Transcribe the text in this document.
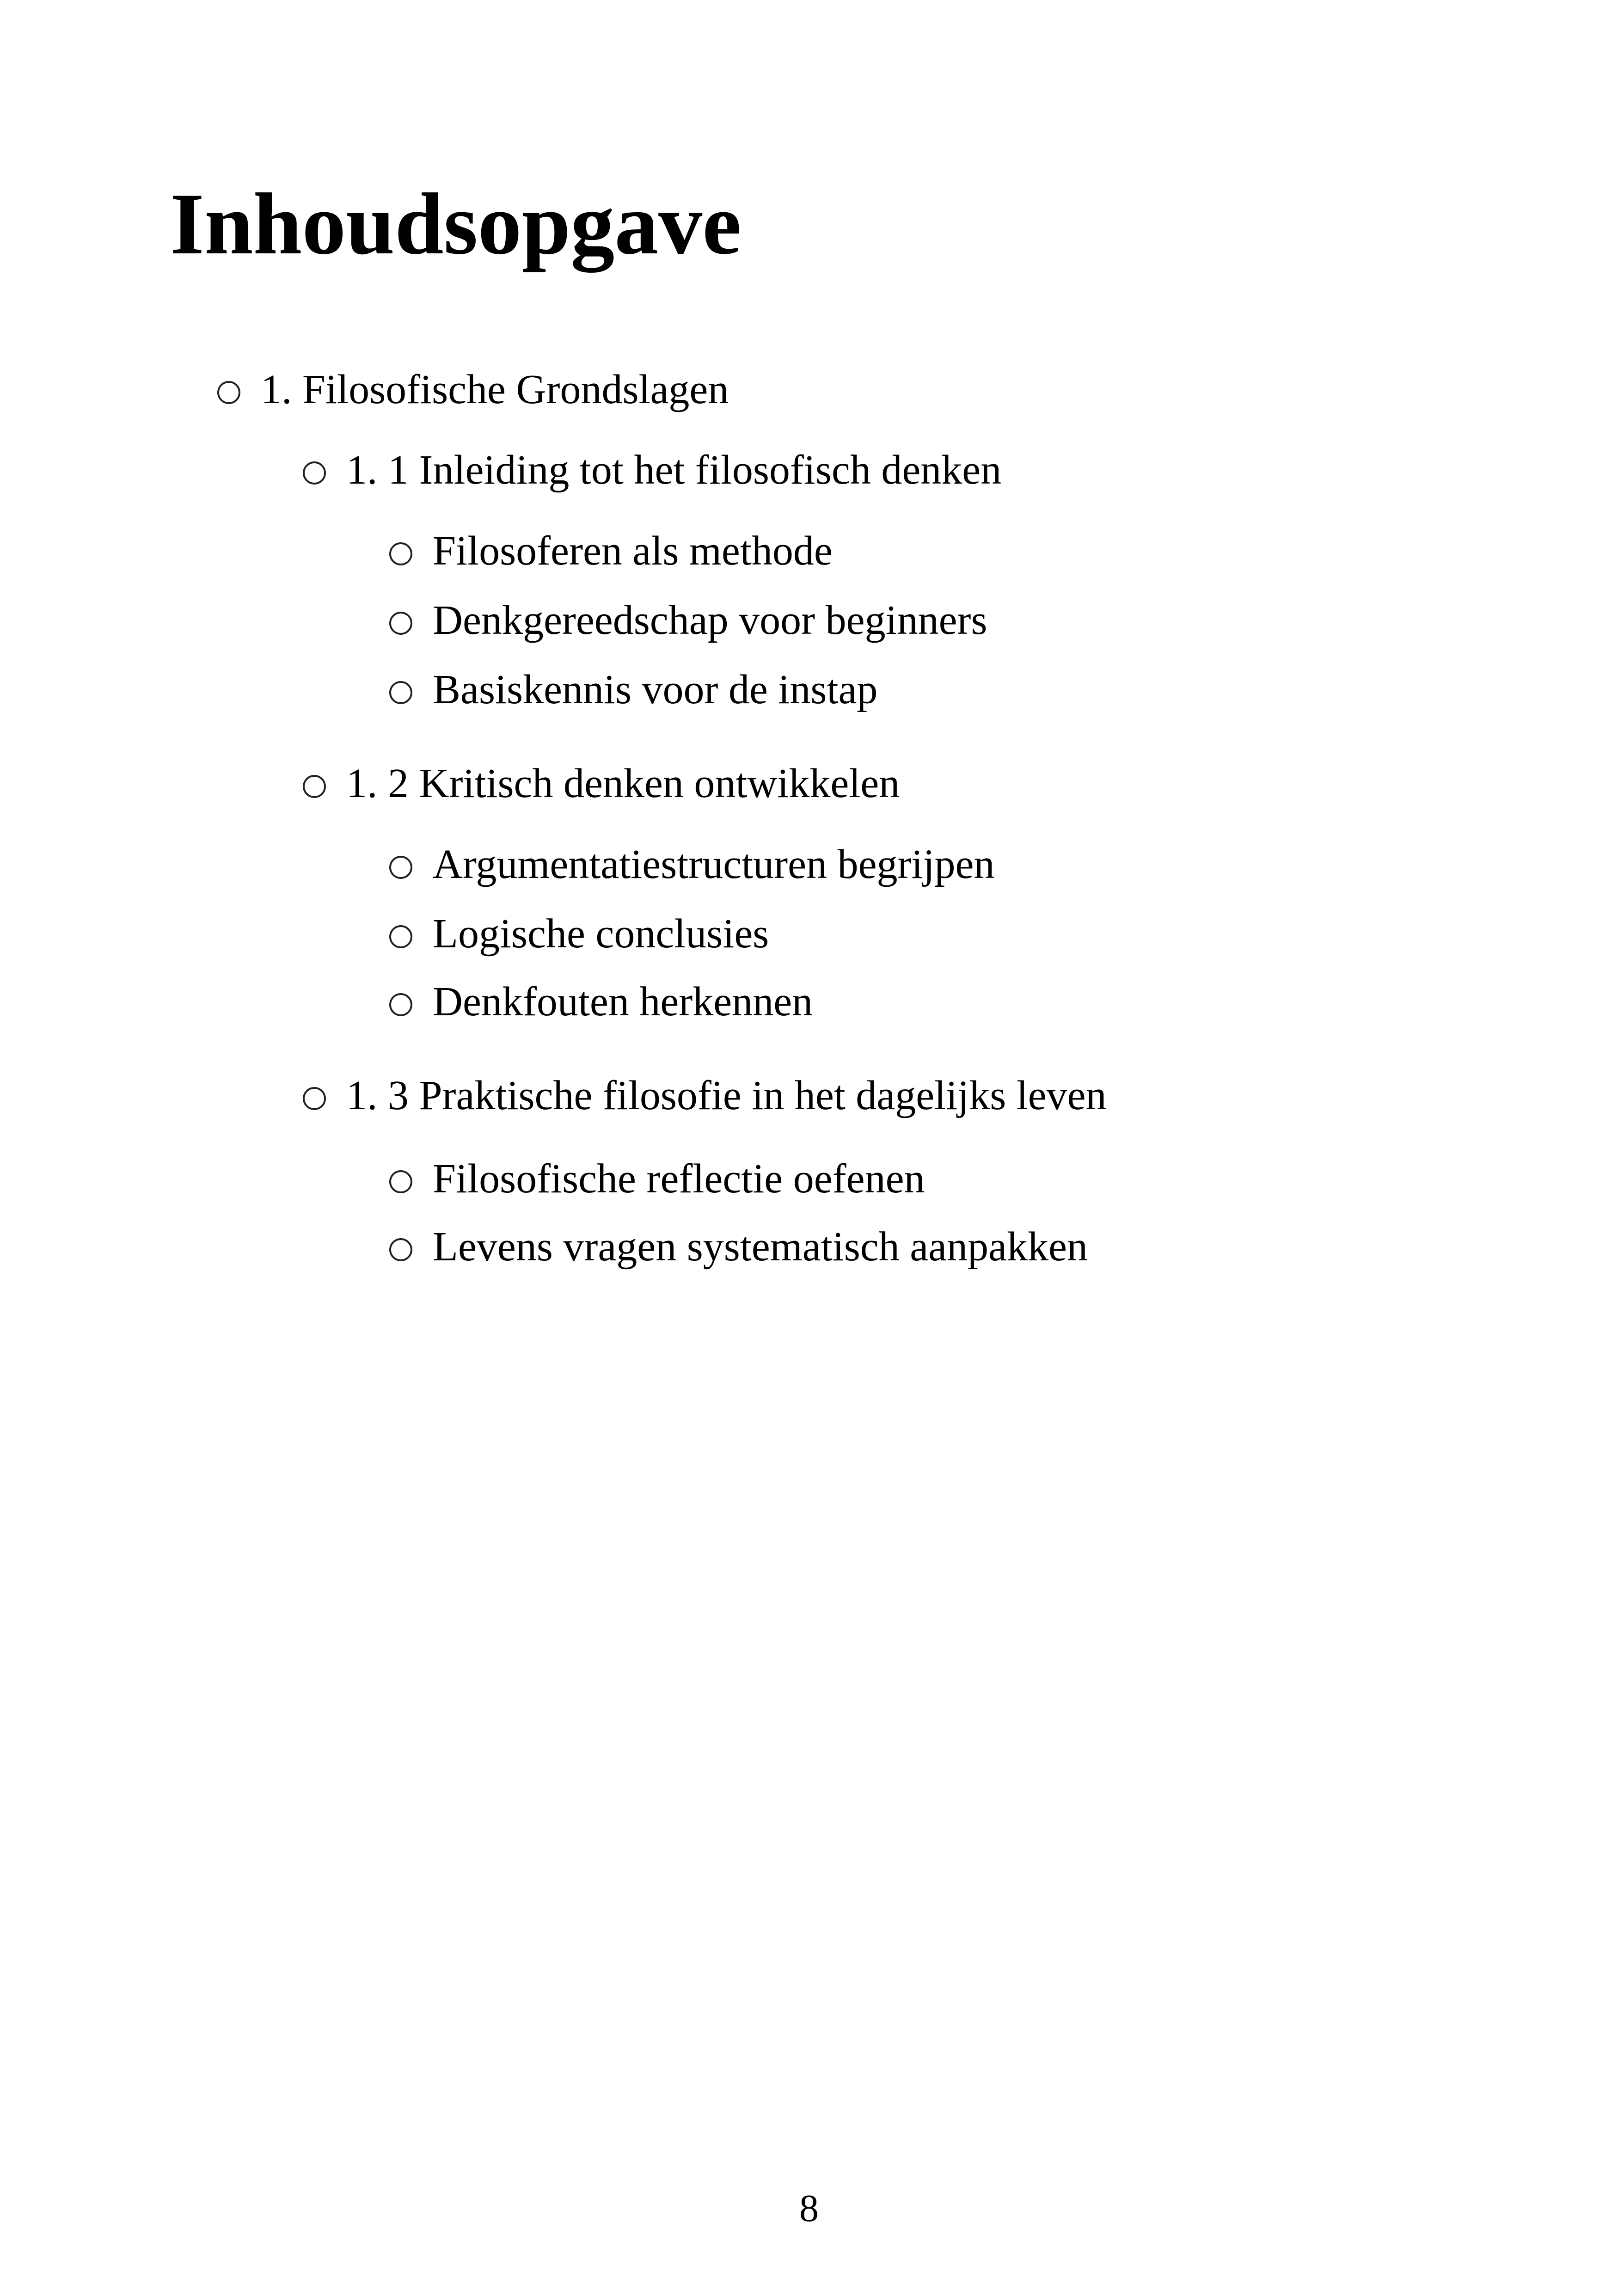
Inhoudsopgave
1. Filosofische Grondslagen
1. 1 Inleiding tot het filosofisch denken
Filosoferen als methode
Denkgereedschap voor beginners
Basiskennis voor de instap
1. 2 Kritisch denken ontwikkelen
Argumentatiestructuren begrijpen
Logische conclusies
Denkfouten herkennen
1. 3 Praktische filosofie in het dagelijks leven
Filosofische reflectie oefenen
Levens vragen systematisch aanpakken
8
